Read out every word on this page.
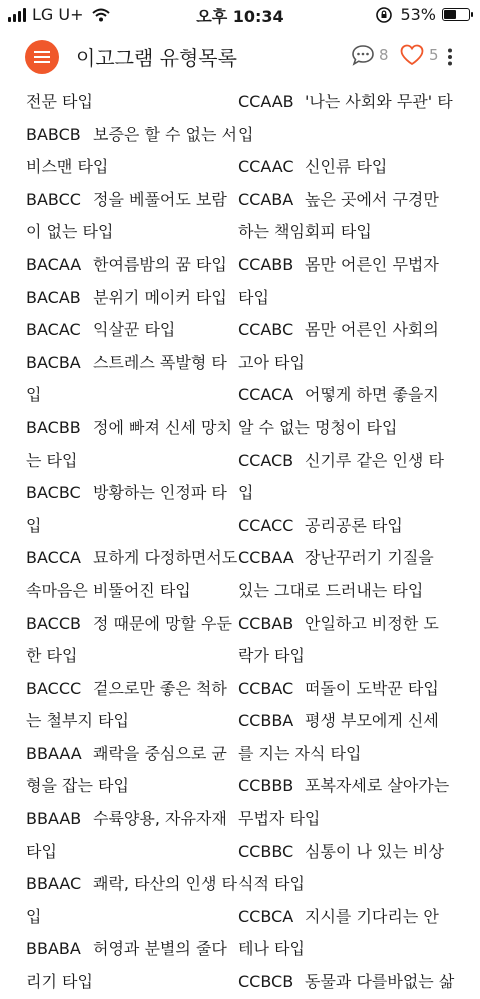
LG U+	오후 10:34	53%
이고그램 유형목록	8	5
전문 타입
BABCB 보증은 할 수 없는 서
비스맨 타입
BABCC 정을 베풀어도 보람
이 없는 타입
BACAA 한여름밤의 꿈 타입
BACAB 분위기 메이커 타입
BACAC 익살꾼 타입
BACBA 스트레스 폭발형 타
입
BACBB 정에 빠져 신세 망치
는 타입
BACBC 방황하는 인정파 타
입
BACCA 묘하게 다정하면서도
속마음은 비뚤어진 타입
BACCB 정 때문에 망할 우둔
한 타입
BACCC 겉으로만 좋은 척하
는 철부지 타입
BBAAA 쾌락을 중심으로 균
형을 잡는 타입
BBAAB 수륙양용, 자유자재
타입
BBAAC 쾌락, 타산의 인생 타
입
BBABA 허영과 분별의 줄다
리기 타입
CCAAB '나는 사회와 무관' 타
입
CCAAC 신인류 타입
CCABA 높은 곳에서 구경만
하는 책임회피 타입
CCABB 몸만 어른인 무법자
타입
CCABC 몸만 어른인 사회의
고아 타입
CCACA 어떻게 하면 좋을지
알 수 없는 멍청이 타입
CCACB 신기루 같은 인생 타
입
CCACC 공리공론 타입
CCBAA 장난꾸러기 기질을
있는 그대로 드러내는 타입
CCBAB 안일하고 비정한 도
락가 타입
CCBAC 떠돌이 도박꾼 타입
CCBBA 평생 부모에게 신세
를 지는 자식 타입
CCBBB 포복자세로 살아가는
무법자 타입
CCBBC 심통이 나 있는 비상
식적 타입
CCBCA 지시를 기다리는 안
테나 타입
CCBCB 동물과 다를바없는 삶
